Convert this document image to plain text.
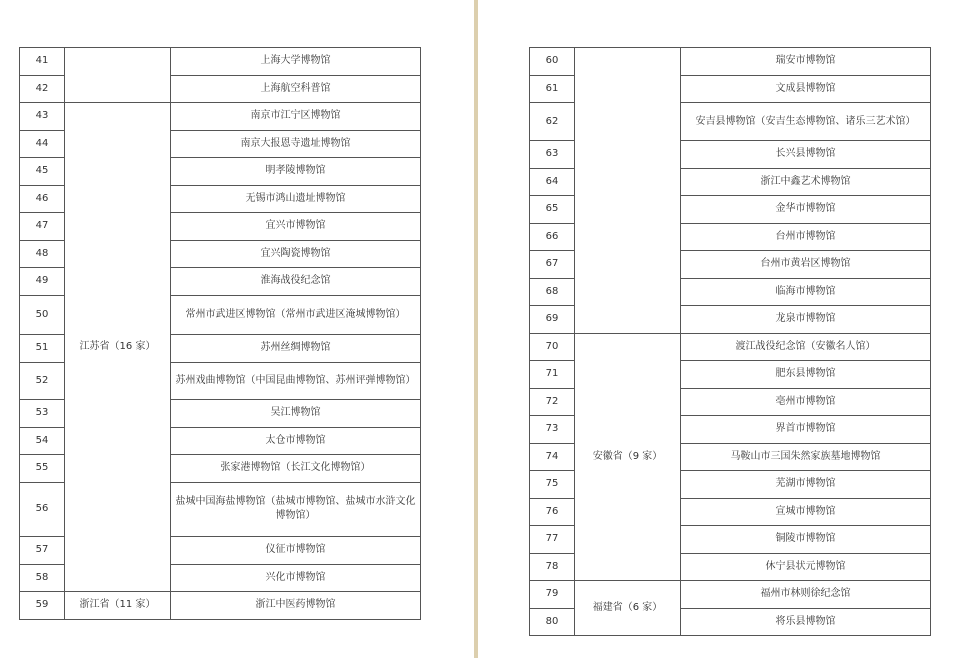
41		上海大学博物馆
42		上海航空科普馆
43	江苏省（16 家）	南京市江宁区博物馆
44		南京大报恩寺遗址博物馆
45		明孝陵博物馆
46		无锡市鸿山遗址博物馆
47		宜兴市博物馆
48		宜兴陶瓷博物馆
49		淮海战役纪念馆
50		常州市武进区博物馆（常州市武进区淹城博物馆）
51		苏州丝绸博物馆
52		苏州戏曲博物馆（中国昆曲博物馆、苏州评弹博物馆）
53		吴江博物馆
54		太仓市博物馆
55		张家港博物馆（长江文化博物馆）
56		盐城中国海盐博物馆（盐城市博物馆、盐城市水浒文化博物馆）
57		仪征市博物馆
58		兴化市博物馆
59	浙江省（11 家）	浙江中医药博物馆
60		瑞安市博物馆
61		文成县博物馆
62		安吉县博物馆（安吉生态博物馆、诸乐三艺术馆）
63		长兴县博物馆
64		浙江中鑫艺术博物馆
65		金华市博物馆
66		台州市博物馆
67		台州市黄岩区博物馆
68		临海市博物馆
69		龙泉市博物馆
70	安徽省（9 家）	渡江战役纪念馆（安徽名人馆）
71		肥东县博物馆
72		亳州市博物馆
73		界首市博物馆
74		马鞍山市三国朱然家族墓地博物馆
75		芜湖市博物馆
76		宣城市博物馆
77		铜陵市博物馆
78		休宁县状元博物馆
79	福建省（6 家）	福州市林则徐纪念馆
80		将乐县博物馆
